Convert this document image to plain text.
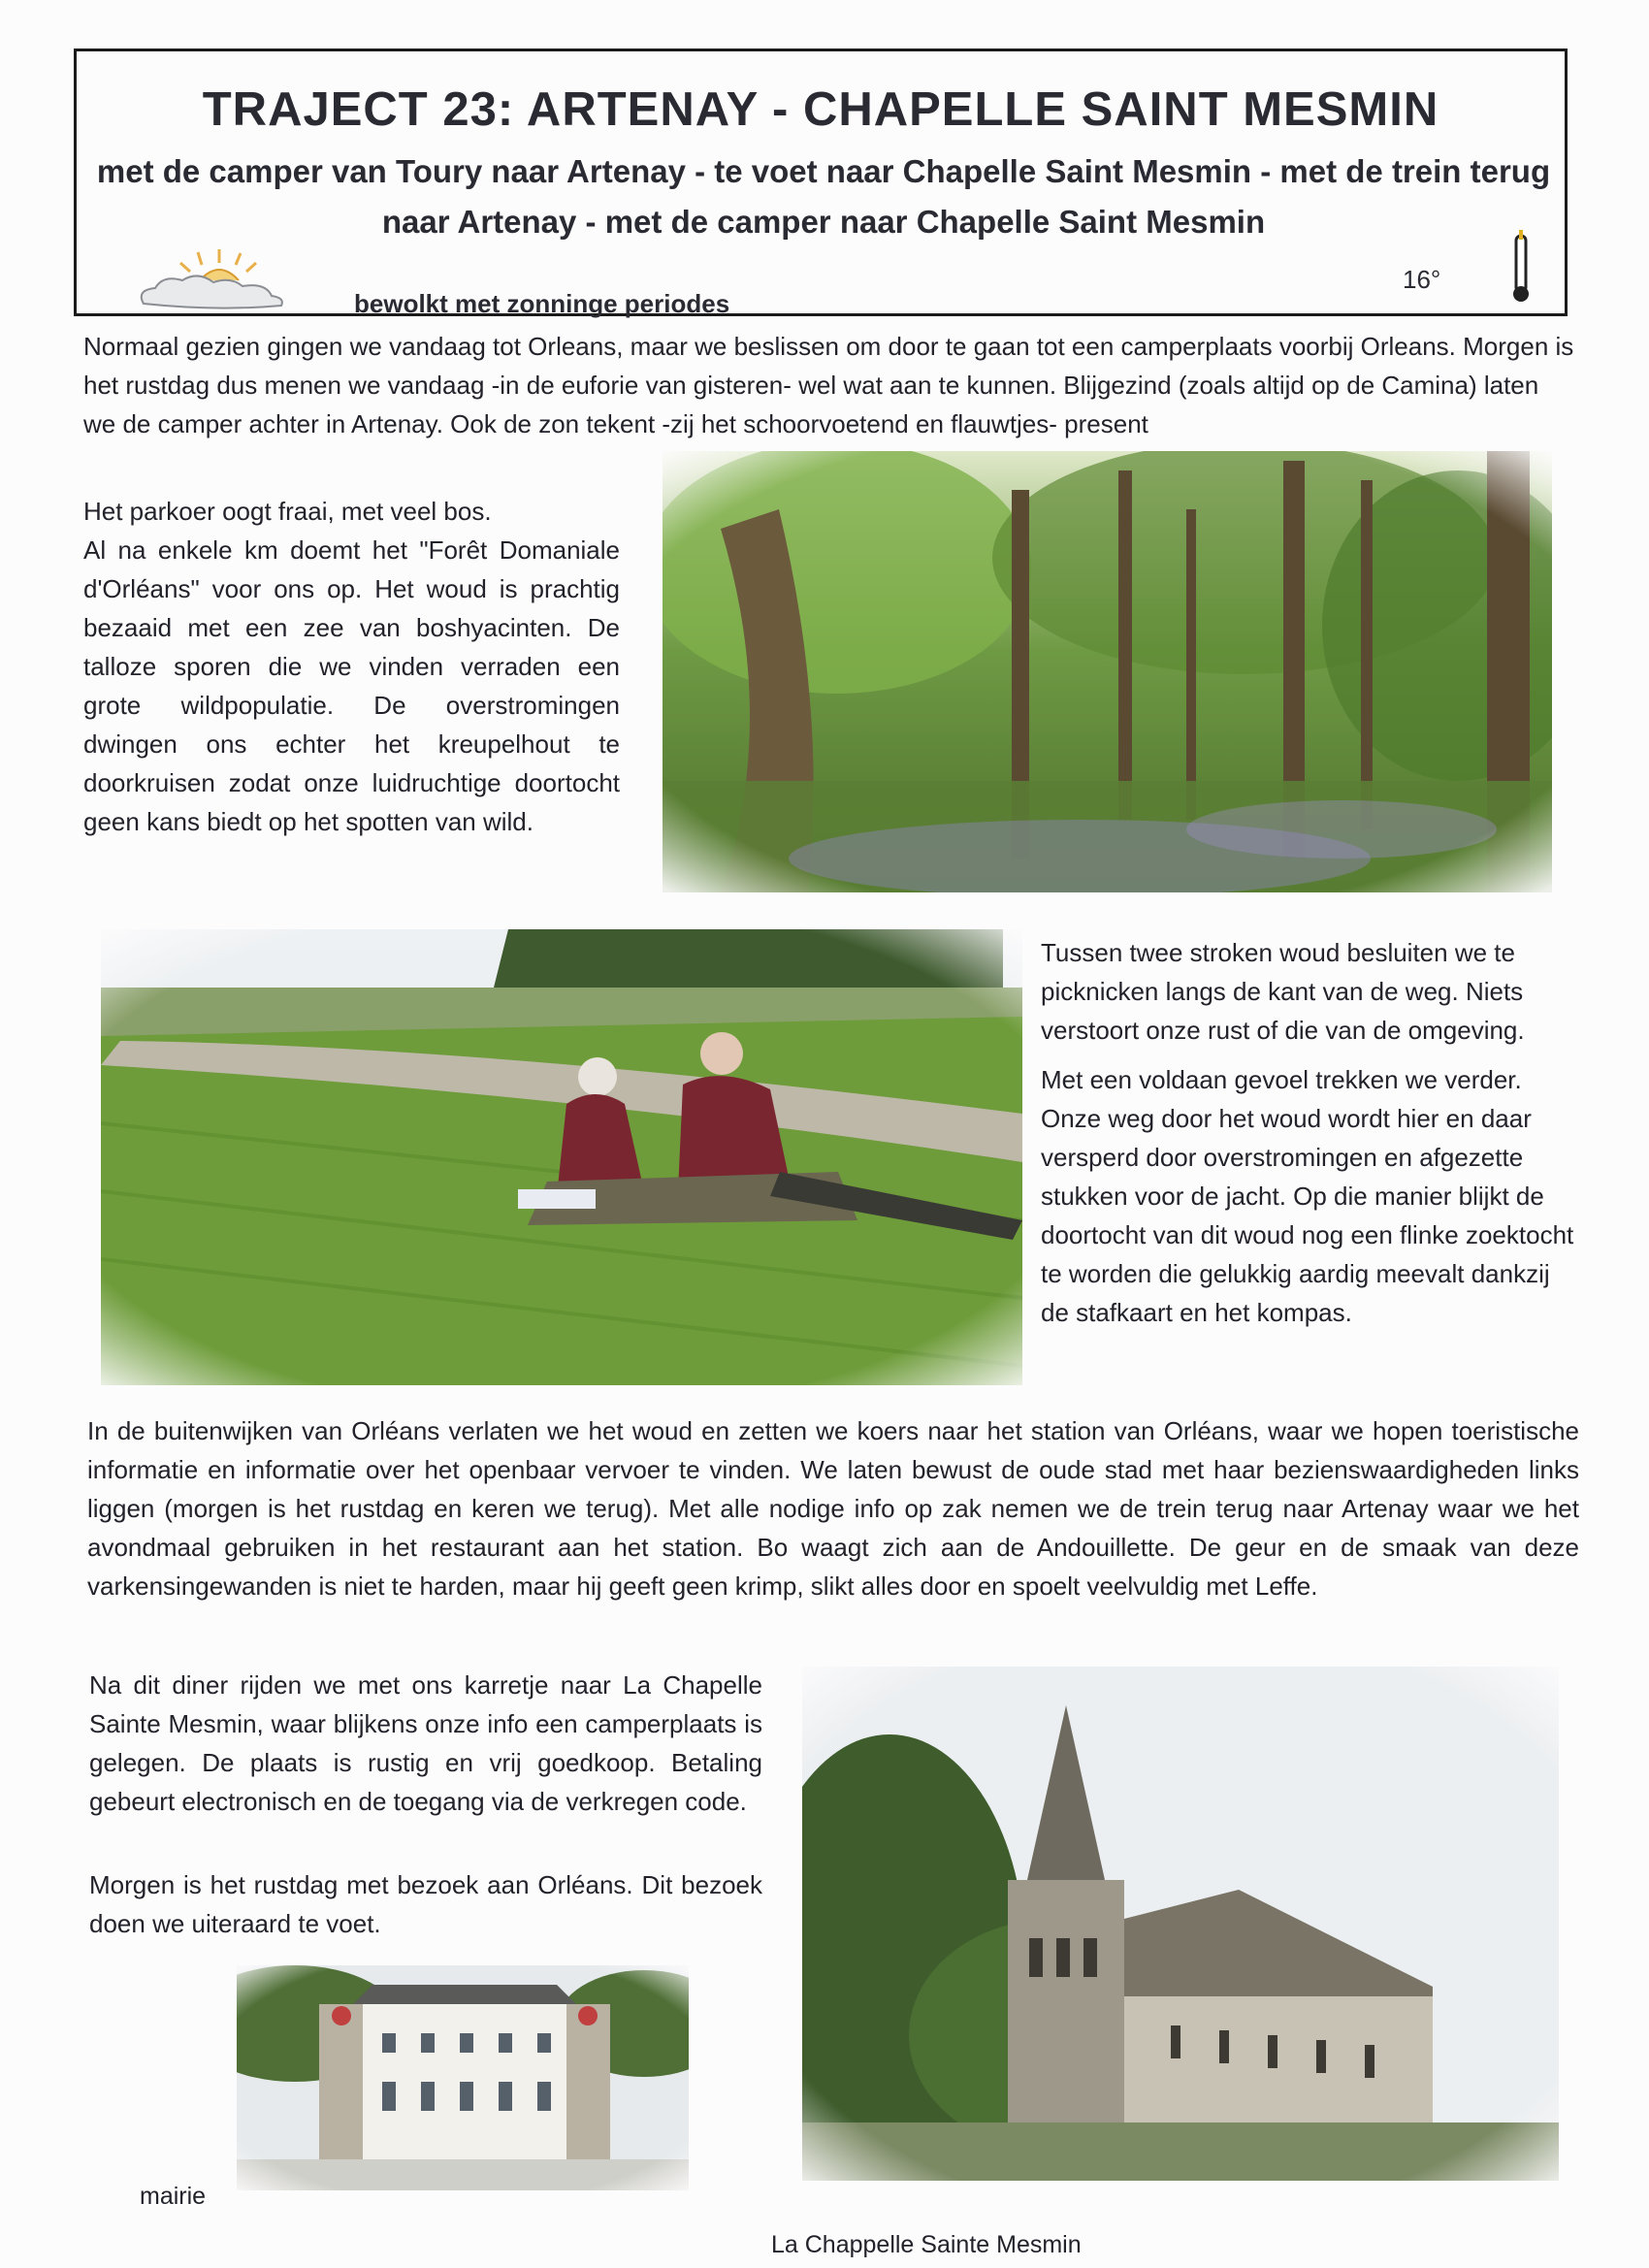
TRAJECT 23: ARTENAY - CHAPELLE SAINT MESMIN
met de camper van Toury naar Artenay - te voet naar Chapelle Saint Mesmin - met de trein terug naar Artenay - met de camper naar Chapelle Saint Mesmin
bewolkt met zonninge periodes
16°
Normaal gezien gingen we vandaag tot Orleans, maar we beslissen om door te gaan tot een camperplaats voorbij Orleans. Morgen is het rustdag dus menen we vandaag -in de euforie van gisteren- wel wat aan te kunnen. Blijgezind (zoals altijd op de Camina) laten we de camper achter in Artenay. Ook de zon tekent -zij het schoorvoetend en flauwtjes- present

Het parkoer oogt fraai, met veel bos.

Al na enkele km doemt het "Forêt Domaniale d'Orléans" voor ons op. Het woud is prachtig bezaaid met een zee van boshyacinten. De talloze sporen die we vinden verraden een grote wildpopulatie. De overstromingen dwingen ons echter het kreupelhout te doorkruisen zodat onze luidruchtige doortocht geen kans biedt op het spotten van wild.

Tussen twee stroken woud besluiten we te picknicken langs de kant van de weg. Niets verstoort onze rust of die van de omgeving.
Met een voldaan gevoel trekken we verder. Onze weg door het woud wordt hier en daar versperd door overstromingen en afgezette stukken voor de jacht. Op die manier blijkt de doortocht van dit woud nog een flinke zoektocht te worden die gelukkig aardig meevalt dankzij de stafkaart en het kompas.
In de buitenwijken van Orléans verlaten we het woud en zetten we koers naar het station van Orléans, waar we hopen toeristische informatie en informatie over het openbaar vervoer te vinden. We laten bewust de oude stad met haar bezienswaardigheden links liggen (morgen is het rustdag en keren we terug). Met alle nodige info op zak nemen we de trein terug naar Artenay waar we het avondmaal gebruiken in het restaurant aan het station. Bo waagt zich aan de Andouillette. De geur en de smaak van deze varkensingewanden is niet te harden, maar hij geeft geen krimp, slikt alles door en spoelt veelvuldig met Leffe.
Na dit diner rijden we met ons karretje naar La Chapelle Sainte Mesmin, waar blijkens onze info een camperplaats is gelegen. De plaats is rustig en vrij goedkoop. Betaling gebeurt electronisch en de toegang via de verkregen code.
Morgen is het rustdag met bezoek aan Orléans. Dit bezoek doen we uiteraard te voet.
mairie
La Chappelle Sainte Mesmin
